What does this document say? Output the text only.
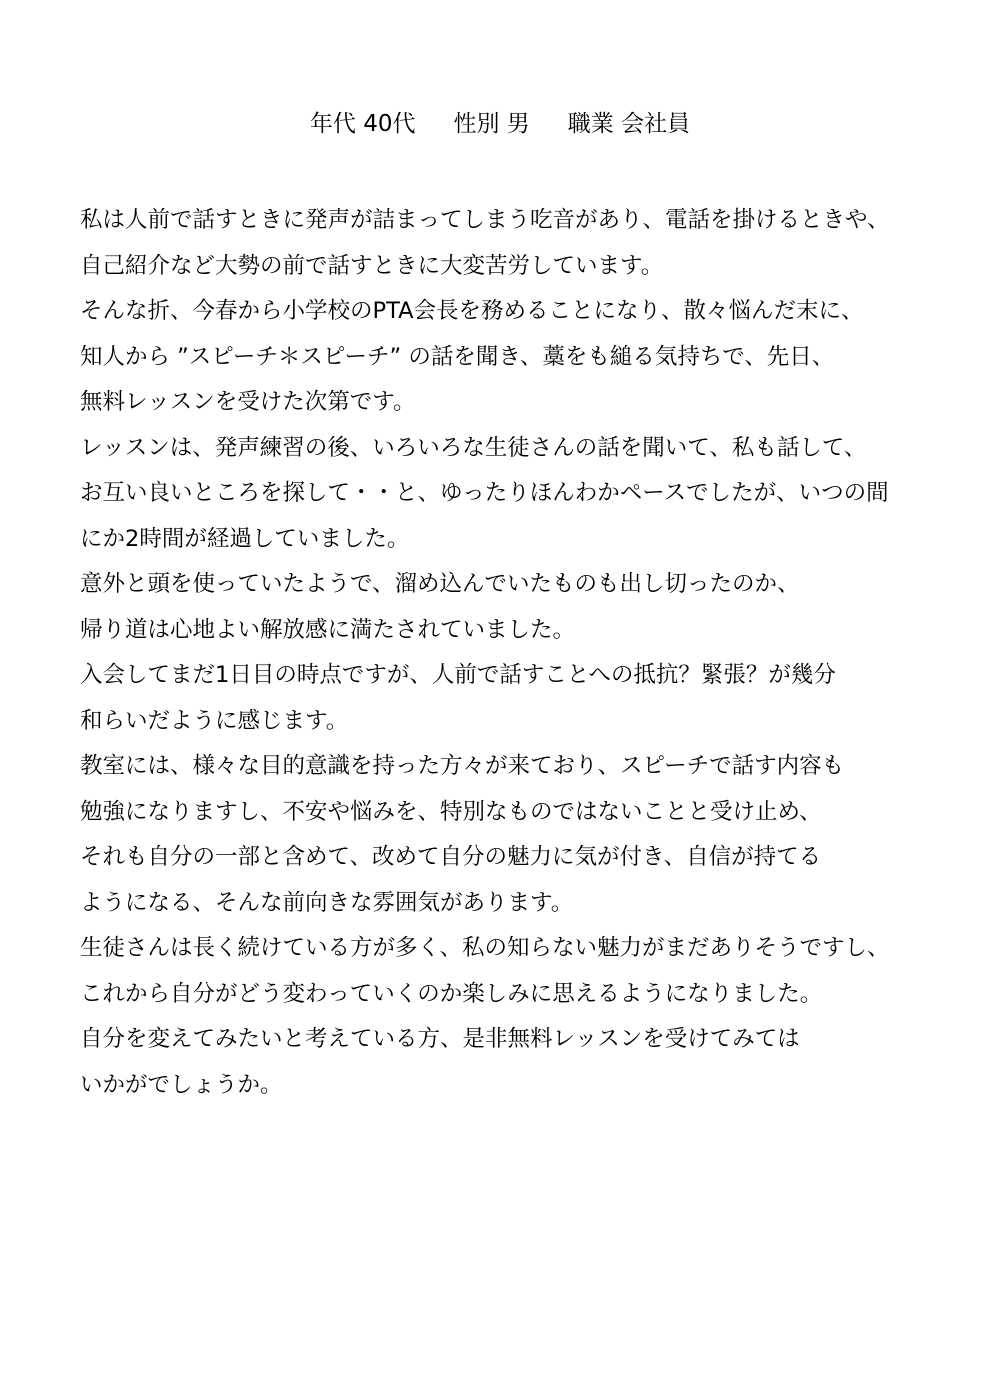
年代 40代 性別 男 職業 会社員
私は人前で話すときに発声が詰まってしまう吃音があり、電話を掛けるときや、
自己紹介など大勢の前で話すときに大変苦労しています。
そんな折、今春から小学校のPTA会長を務めることになり、散々悩んだ末に、
知人から ”スピーチ＊スピーチ” の話を聞き、藁をも縋る気持ちで、先日、
無料レッスンを受けた次第です。
レッスンは、発声練習の後、いろいろな生徒さんの話を聞いて、私も話して、
お互い良いところを探して・・と、ゆったりほんわかペースでしたが、いつの間
にか2時間が経過していました。
意外と頭を使っていたようで、溜め込んでいたものも出し切ったのか、
帰り道は心地よい解放感に満たされていました。
入会してまだ1日目の時点ですが、人前で話すことへの抵抗？緊張？が幾分
和らいだように感じます。
教室には、様々な目的意識を持った方々が来ており、スピーチで話す内容も
勉強になりますし、不安や悩みを、特別なものではないことと受け止め、
それも自分の一部と含めて、改めて自分の魅力に気が付き、自信が持てる
ようになる、そんな前向きな雰囲気があります。
生徒さんは長く続けている方が多く、私の知らない魅力がまだありそうですし、
これから自分がどう変わっていくのか楽しみに思えるようになりました。
自分を変えてみたいと考えている方、是非無料レッスンを受けてみては
いかがでしょうか。
